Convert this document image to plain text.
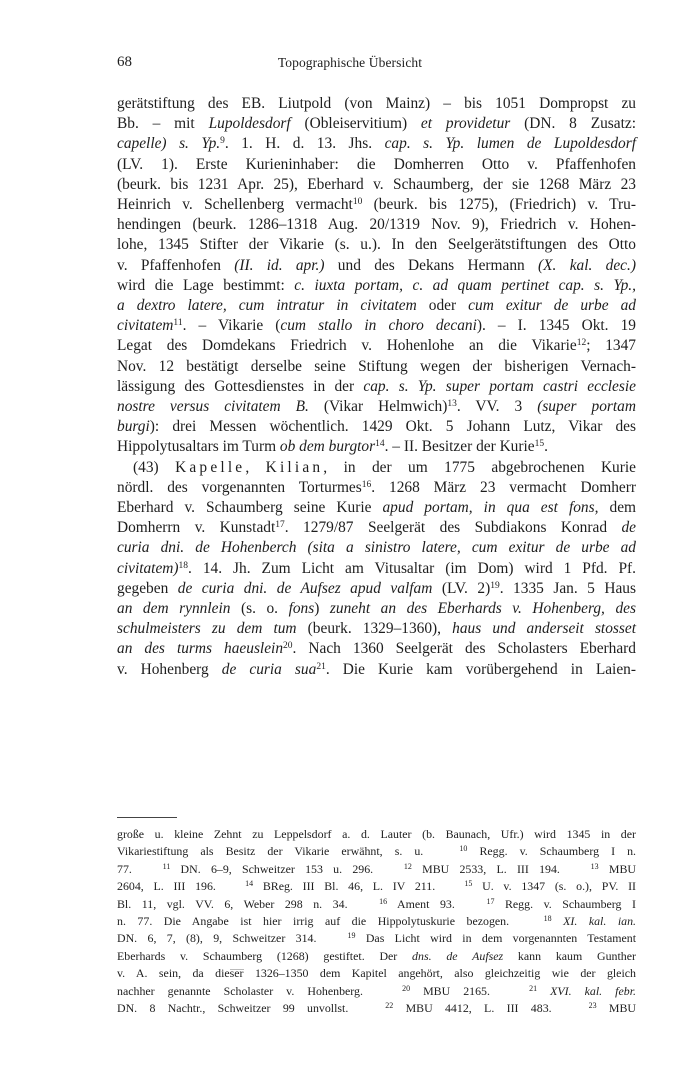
68	Topographische Übersicht
gerätstiftung des EB. Liutpold (von Mainz) – bis 1051 Dompropst zu
Bb. – mit Lupoldesdorf (Obleiservitium) et providetur (DN. 8 Zusatz:
capelle) s. Yp.$^9$. 1. H. d. 13. Jhs. cap. s. Yp. lumen de Lupoldesdorf
(LV. 1). Erste Kurieninhaber: die Domherren Otto v. Pfaffenhofen
(beurk. bis 1231 Apr. 25), Eberhard v. Schaumberg, der sie 1268 März 23
Heinrich v. Schellenberg vermacht$^{10}$ (beurk. bis 1275), (Friedrich) v. Tru-
hendingen (beurk. 1286–1318 Aug. 20/1319 Nov. 9), Friedrich v. Hohen-
lohe, 1345 Stifter der Vikarie (s. u.). In den Seelgerätstiftungen des Otto
v. Pfaffenhofen (II. id. apr.) und des Dekans Hermann (X. kal. dec.)
wird die Lage bestimmt: c. iuxta portam, c. ad quam pertinet cap. s. Yp.,
a dextro latere, cum intratur in civitatem oder cum exitur de urbe ad
civitatem$^{11}$. – Vikarie (cum stallo in choro decani). – I. 1345 Okt. 19
Legat des Domdekans Friedrich v. Hohenlohe an die Vikarie$^{12}$; 1347
Nov. 12 bestätigt derselbe seine Stiftung wegen der bisherigen Vernach-
lässigung des Gottesdienstes in der cap. s. Yp. super portam castri ecclesie
nostre versus civitatem B. (Vikar Helmwich)$^{13}$. VV. 3 (super portam
burgi): drei Messen wöchentlich. 1429 Okt. 5 Johann Lutz, Vikar des
Hippolytusaltars im Turm ob dem burgtor$^{14}$. – II. Besitzer der Kurie$^{15}$.
(43) Kapelle, Kilian, in der um 1775 abgebrochenen Kurie
nördl. des vorgenannten Torturmes$^{16}$. 1268 März 23 vermacht Domherr
Eberhard v. Schaumberg seine Kurie apud portam, in qua est fons, dem
Domherrn v. Kunstadt$^{17}$. 1279/87 Seelgerät des Subdiakons Konrad de
curia dni. de Hohenberch (sita a sinistro latere, cum exitur de urbe ad
civitatem)$^{18}$. 14. Jh. Zum Licht am Vitusaltar (im Dom) wird 1 Pfd. Pf.
gegeben de curia dni. de Aufsez apud valfam (LV. 2)$^{19}$. 1335 Jan. 5 Haus
an dem rynnlein (s. o. fons) zuneht an des Eberhards v. Hohenberg, des
schulmeisters zu dem tum (beurk. 1329–1360), haus und anderseit stosset
an des turms haeuslein$^{20}$. Nach 1360 Seelgerät des Scholasters Eberhard
v. Hohenberg de curia sua$^{21}$. Die Kurie kam vorübergehend in Laien-
große u. kleine Zehnt zu Leppelsdorf a. d. Lauter (b. Baunach, Ufr.) wird 1345 in der
Vikariestiftung als Besitz der Vikarie erwähnt, s. u.   $^{10}$ Regg. v. Schaumberg I n.
77.   $^{11}$ DN. 6–9, Schweitzer 153 u. 296.   $^{12}$ MBU 2533, L. III 194.   $^{13}$ MBU
2604, L. III 196.   $^{14}$ BReg. III Bl. 46, L. IV 211.   $^{15}$ U. v. 1347 (s. o.), PV. II
Bl. 11, vgl. VV. 6, Weber 298 n. 34.   $^{16}$ Ament 93.   $^{17}$ Regg. v. Schaumberg I
n. 77. Die Angabe ist hier irrig auf die Hippolytuskurie bezogen.   $^{18}$ XI. kal. ian.
DN. 6, 7, (8), 9, Schweitzer 314.   $^{19}$ Das Licht wird in dem vorgenannten Testament
Eberhards v. Schaumberg (1268) gestiftet. Der dns. de Aufsez kann kaum Gunther
v. A. sein, da dieser 1326–1350 dem Kapitel angehört, also gleichzeitig wie der gleich
nachher genannte Scholaster v. Hohenberg.   $^{20}$ MBU 2165.   $^{21}$ XVI. kal. febr.
DN. 8 Nachtr., Schweitzer 99 unvollst.   $^{22}$ MBU 4412, L. III 483.   $^{23}$ MBU
